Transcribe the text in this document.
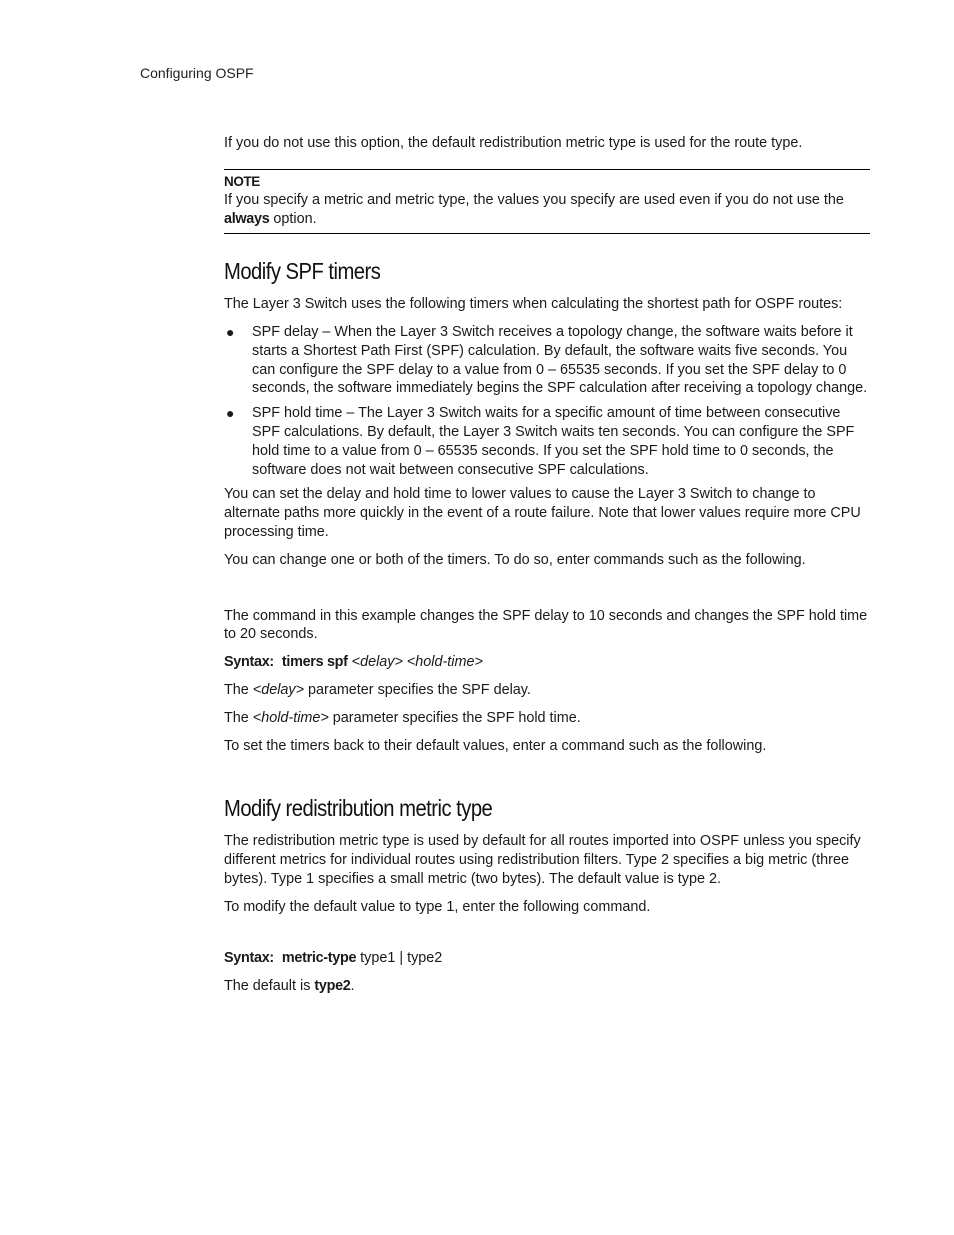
Configuring OSPF

If you do not use this option, the default redistribution metric type is used for the route type.

NOTE

If you specify a metric and metric type, the values you specify are used even if you do not use the always option.

Modify SPF timers

The Layer 3 Switch uses the following timers when calculating the shortest path for OSPF routes:

● SPF delay – When the Layer 3 Switch receives a topology change, the software waits before it starts a Shortest Path First (SPF) calculation. By default, the software waits five seconds. You can configure the SPF delay to a value from 0 – 65535 seconds. If you set the SPF delay to 0 seconds, the software immediately begins the SPF calculation after receiving a topology change.
● SPF hold time – The Layer 3 Switch waits for a specific amount of time between consecutive SPF calculations. By default, the Layer 3 Switch waits ten seconds. You can configure the SPF hold time to a value from 0 – 65535 seconds. If you set the SPF hold time to 0 seconds, the software does not wait between consecutive SPF calculations.

You can set the delay and hold time to lower values to cause the Layer 3 Switch to change to alternate paths more quickly in the event of a route failure. Note that lower values require more CPU processing time.

You can change one or both of the timers. To do so, enter commands such as the following.

The command in this example changes the SPF delay to 10 seconds and changes the SPF hold time to 20 seconds.

Syntax: timers spf <delay> <hold-time>

The <delay> parameter specifies the SPF delay.

The <hold-time> parameter specifies the SPF hold time.

To set the timers back to their default values, enter a command such as the following.

Modify redistribution metric type

The redistribution metric type is used by default for all routes imported into OSPF unless you specify different metrics for individual routes using redistribution filters. Type 2 specifies a big metric (three bytes). Type 1 specifies a small metric (two bytes). The default value is type 2.

To modify the default value to type 1, enter the following command.

Syntax: metric-type type1 | type2

The default is type2.
